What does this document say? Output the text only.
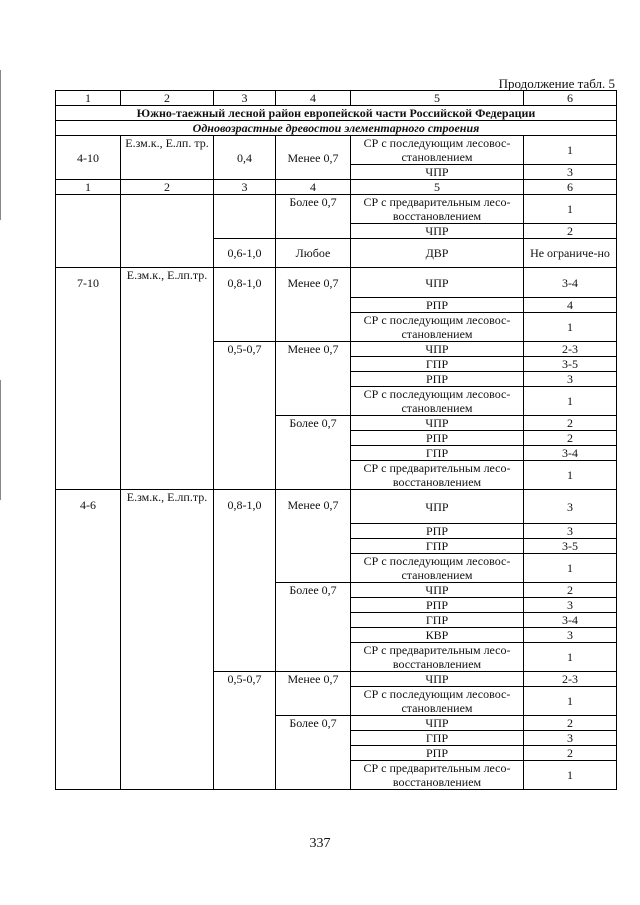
Продолжение табл. 5
1	2	3	4	5	6
Южно-таежный лесной район европейской части Российской Федерации					
Одновозрастные древостои элементарного строения					
4-10	Е.зм.к., Е.лп. тр.	0,4	Менее 0,7	СР с последующим лесовос-становлением	1
				ЧПР	3
1	2	3	4	5	6
			Более 0,7	СР с предварительным лесо-восстановлением	1
				ЧПР	2
		0,6-1,0	Любое	ДВР	Не ограниче-но
7-10	Е.зм.к., Е.лп.тр.	0,8-1,0	Менее 0,7	ЧПР	3-4
				РПР	4
				СР с последующим лесовос-становлением	1
		0,5-0,7	Менее 0,7	ЧПР	2-3
				ГПР	3-5
				РПР	3
				СР с последующим лесовос-становлением	1
			Более 0,7	ЧПР	2
				РПР	2
				ГПР	3-4
				СР с предварительным лесо-восстановлением	1
4-6	Е.зм.к., Е.лп.тр.	0,8-1,0	Менее 0,7	ЧПР	3
				РПР	3
				ГПР	3-5
				СР с последующим лесовос-становлением	1
			Более 0,7	ЧПР	2
				РПР	3
				ГПР	3-4
				КВР	3
				СР с предварительным лесо-восстановлением	1
		0,5-0,7	Менее 0,7	ЧПР	2-3
				СР с последующим лесовос-становлением	1
			Более 0,7	ЧПР	2
				ГПР	3
				РПР	2
				СР с предварительным лесо-восстановлением	1
337
